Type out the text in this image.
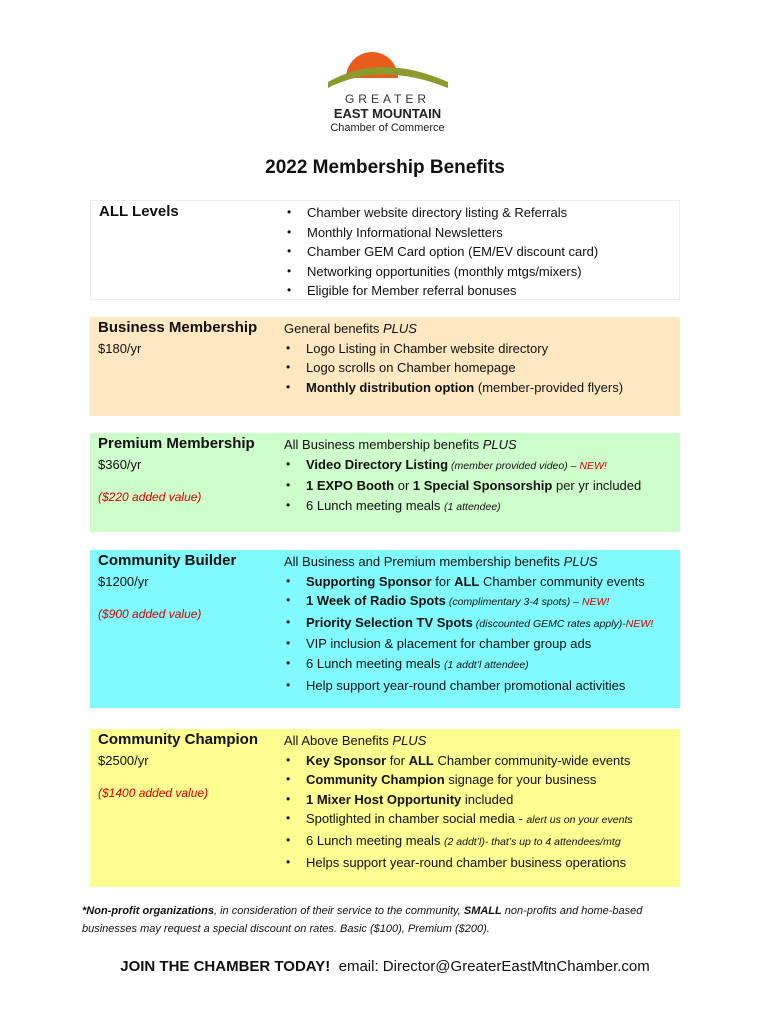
GREATER
EAST MOUNTAIN
Chamber of Commerce
2022 Membership Benefits
ALL Levels
•	Chamber website directory listing & Referrals
• Monthly Informational Newsletters
• Chamber GEM Card option (EM/EV discount card)
• Networking opportunities (monthly mtgs/mixers)
• Eligible for Member referral bonuses
Business Membership
$180/yr
General benefits PLUS
• Logo Listing in Chamber website directory
• Logo scrolls on Chamber homepage
• Monthly distribution option (member-provided flyers)
Premium Membership
$360/yr
($220 added value)
All Business membership benefits PLUS
• Video Directory Listing (member provided video) – NEW!
• 1 EXPO Booth or 1 Special Sponsorship per yr included
• 6 Lunch meeting meals (1 attendee)
Community Builder
$1200/yr
($900 added value)
All Business and Premium membership benefits PLUS
• Supporting Sponsor for ALL Chamber community events
• 1 Week of Radio Spots (complimentary 3-4 spots) – NEW!
• Priority Selection TV Spots (discounted GEMC rates apply)-NEW!
• VIP inclusion & placement for chamber group ads
• 6 Lunch meeting meals (1 addt’l attendee)
• Help support year-round chamber promotional activities
Community Champion
$2500/yr
($1400 added value)
All Above Benefits PLUS
• Key Sponsor for ALL Chamber community-wide events
• Community Champion signage for your business
• 1 Mixer Host Opportunity included
• Spotlighted in chamber social media - alert us on your events
• 6 Lunch meeting meals (2 addt’l)- that’s up to 4 attendees/mtg
• Helps support year-round chamber business operations
*Non-profit organizations, in consideration of their service to the community, SMALL non-profits and home-based businesses may request a special discount on rates. Basic ($100), Premium ($200).
JOIN THE CHAMBER TODAY! email: Director@GreaterEastMtnChamber.com
